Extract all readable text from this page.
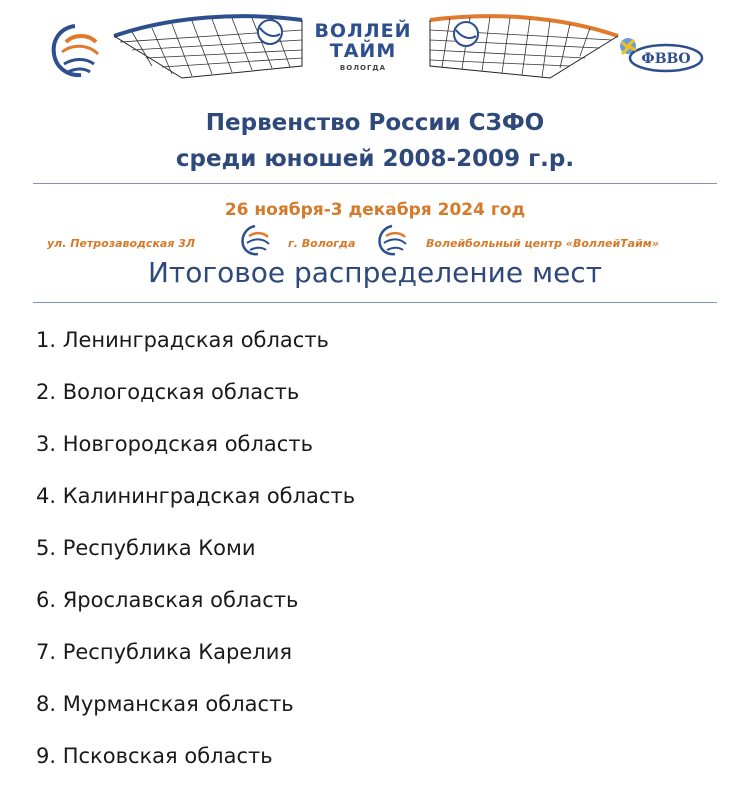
ВОЛЛЕЙ
ТАЙМ
ВОЛОГДА
ФВВО
Первенство России СЗФО
среди юношей 2008-2009 г.р.
26 ноября-3 декабря 2024 год
ул. Петрозаводская 3Л	г. Вологда	Волейбольный центр «ВоллейТайм»
Итоговое распределение мест
1. Ленинградская область
2. Вологодская область
3. Новгородская область
4. Калининградская область
5. Республика Коми
6. Ярославская область
7. Республика Карелия
8. Мурманская область
9. Псковская область
